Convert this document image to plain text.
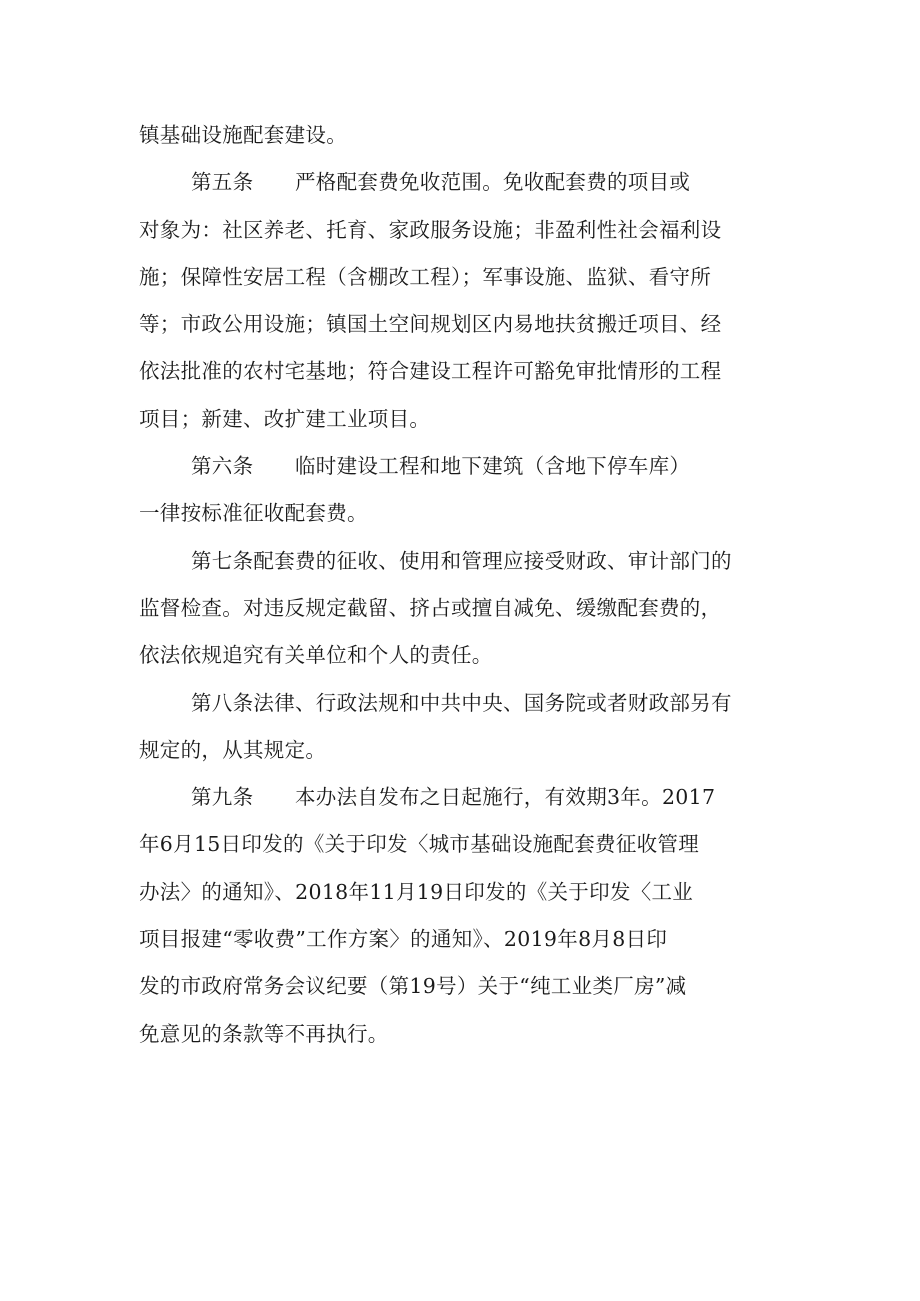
镇基础设施配套建设。
第五条　　严格配套费免收范围。免收配套费的项目或
对象为：社区养老、托育、家政服务设施；非盈利性社会福利设
施；保障性安居工程（含棚改工程）；军事设施、监狱、看守所
等；市政公用设施；镇国土空间规划区内易地扶贫搬迁项目、经
依法批准的农村宅基地；符合建设工程许可豁免审批情形的工程
项目；新建、改扩建工业项目。
第六条　　临时建设工程和地下建筑（含地下停车库）
一律按标准征收配套费。
第七条配套费的征收、使用和管理应接受财政、审计部门的
监督检查。对违反规定截留、挤占或擅自减免、缓缴配套费的，
依法依规追究有关单位和个人的责任。
第八条法律、行政法规和中共中央、国务院或者财政部另有
规定的，从其规定。
第九条　　本办法自发布之日起施行，有效期3年。2017
年6月15日印发的《关于印发〈城市基础设施配套费征收管理
办法〉的通知》、2018年11月19日印发的《关于印发〈工业
项目报建“零收费”工作方案〉的通知》、2019年8月8日印
发的市政府常务会议纪要（第19号）关于“纯工业类厂房”减
免意见的条款等不再执行。
